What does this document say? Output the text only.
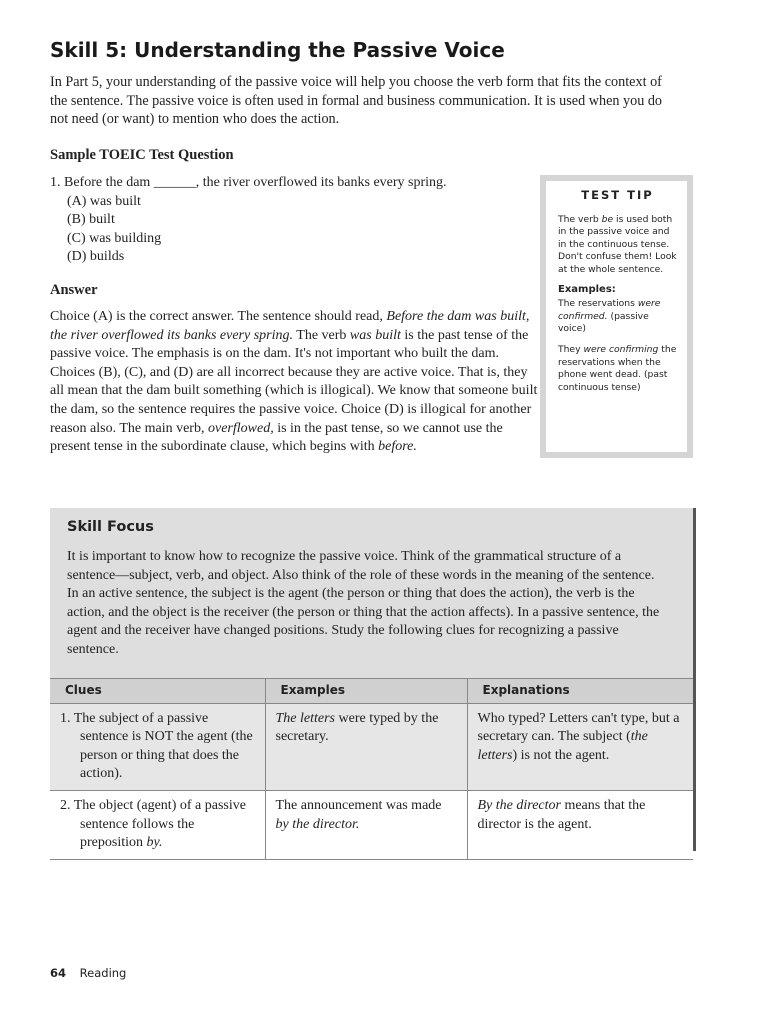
Skill 5: Understanding the Passive Voice

In Part 5, your understanding of the passive voice will help you choose the verb form that fits the context of the sentence. The passive voice is often used in formal and business communication. It is used when you do not need (or want) to mention who does the action.

Sample TOEIC Test Question
1. Before the dam ______, the river overflowed its banks every spring.
(A) was built
(B) built
(C) was building
(D) builds
Answer

Choice (A) is the correct answer. The sentence should read, Before the dam was built, the river overflowed its banks every spring. The verb was built is the past tense of the passive voice. The emphasis is on the dam. It's not important who built the dam. Choices (B), (C), and (D) are all incorrect because they are active voice. That is, they all mean that the dam built something (which is illogical). We know that someone built the dam, so the sentence requires the passive voice. Choice (D) is illogical for another reason also. The main verb, overflowed, is in the past tense, so we cannot use the present tense in the subordinate clause, which begins with before.

TEST TIP
The verb be is used both in the passive voice and in the continuous tense. Don't confuse them! Look at the whole sentence.
Examples:
The reservations were confirmed. (passive voice)
They were confirming the reservations when the phone went dead. (past continuous tense)
Skill Focus

It is important to know how to recognize the passive voice. Think of the grammatical structure of a sentence—subject, verb, and object. Also think of the role of these words in the meaning of the sentence. In an active sentence, the subject is the agent (the person or thing that does the action), the verb is the action, and the object is the receiver (the person or thing that the action affects). In a passive sentence, the agent and the receiver have changed positions. Study the following clues for recognizing a passive sentence.

Clues	Examples	Explanations

1. The subject of a passive sentence is NOT the agent (the person or thing that does the action).	The letters were typed by the secretary.	Who typed? Letters can't type, but a secretary can. The subject (the letters) is not the agent.

2. The object (agent) of a passive sentence follows the preposition by.	The announcement was made by the director.	By the director means that the director is the agent.
64 Reading
